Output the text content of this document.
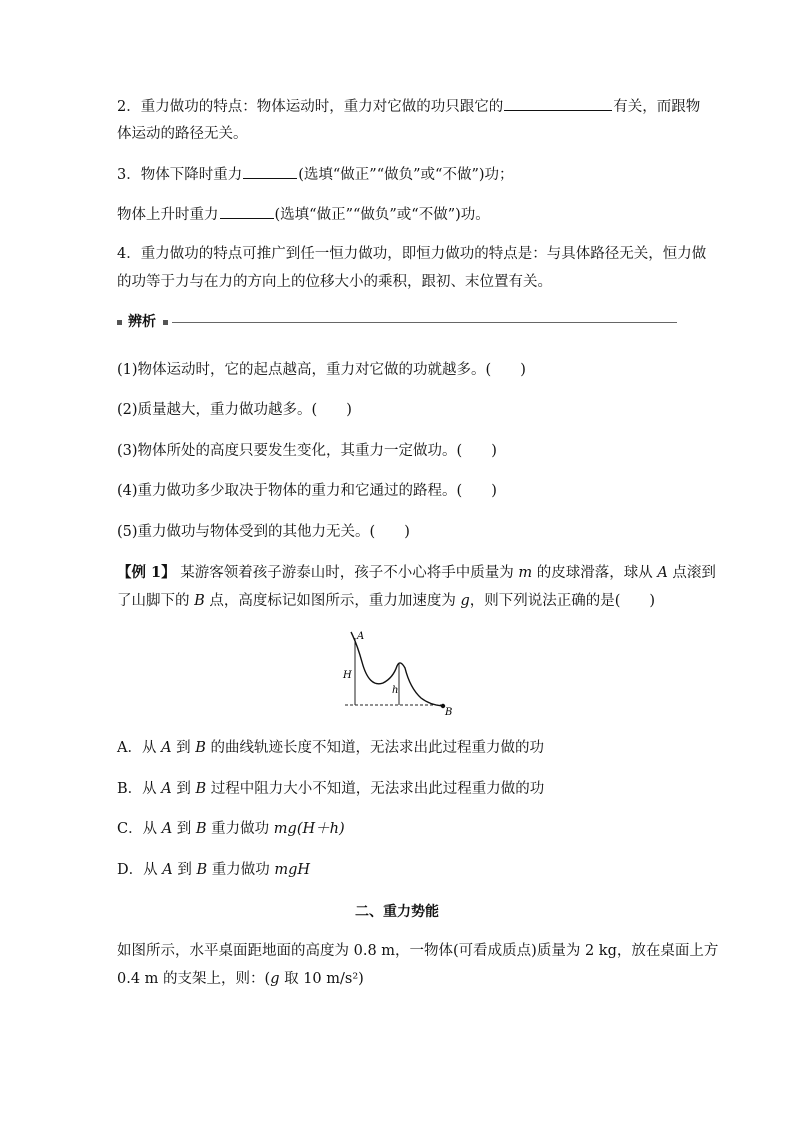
2．重力做功的特点：物体运动时，重力对它做的功只跟它的	有关，而跟物
体运动的路径无关。
3．物体下降时重力	(选填“做正”“做负”或“不做”)功；
物体上升时重力	(选填“做正”“做负”或“不做”)功。
4．重力做功的特点可推广到任一恒力做功，即恒力做功的特点是：与具体路径无关，恒力做
的功等于力与在力的方向上的位移大小的乘积，跟初、末位置有关。
辨析
(1)物体运动时，它的起点越高，重力对它做的功就越多。(　　)
(2)质量越大，重力做功越多。(　　)
(3)物体所处的高度只要发生变化，其重力一定做功。(　　)
(4)重力做功多少取决于物体的重力和它通过的路程。(　　)
(5)重力做功与物体受到的其他力无关。(　　)
【例 1】 某游客领着孩子游泰山时，孩子不小心将手中质量为 m 的皮球滑落，球从 A 点滚到
了山脚下的 B 点，高度标记如图所示，重力加速度为 g，则下列说法正确的是(　　)
A
H
h
B
A．从 A 到 B 的曲线轨迹长度不知道，无法求出此过程重力做的功
B．从 A 到 B 过程中阻力大小不知道，无法求出此过程重力做的功
C．从 A 到 B 重力做功 mg(H＋h)
D．从 A 到 B 重力做功 mgH
二、重力势能
如图所示，水平桌面距地面的高度为 0.8 m，一物体(可看成质点)质量为 2 kg，放在桌面上方
0.4 m 的支架上，则：(g 取 10 m/s²)
